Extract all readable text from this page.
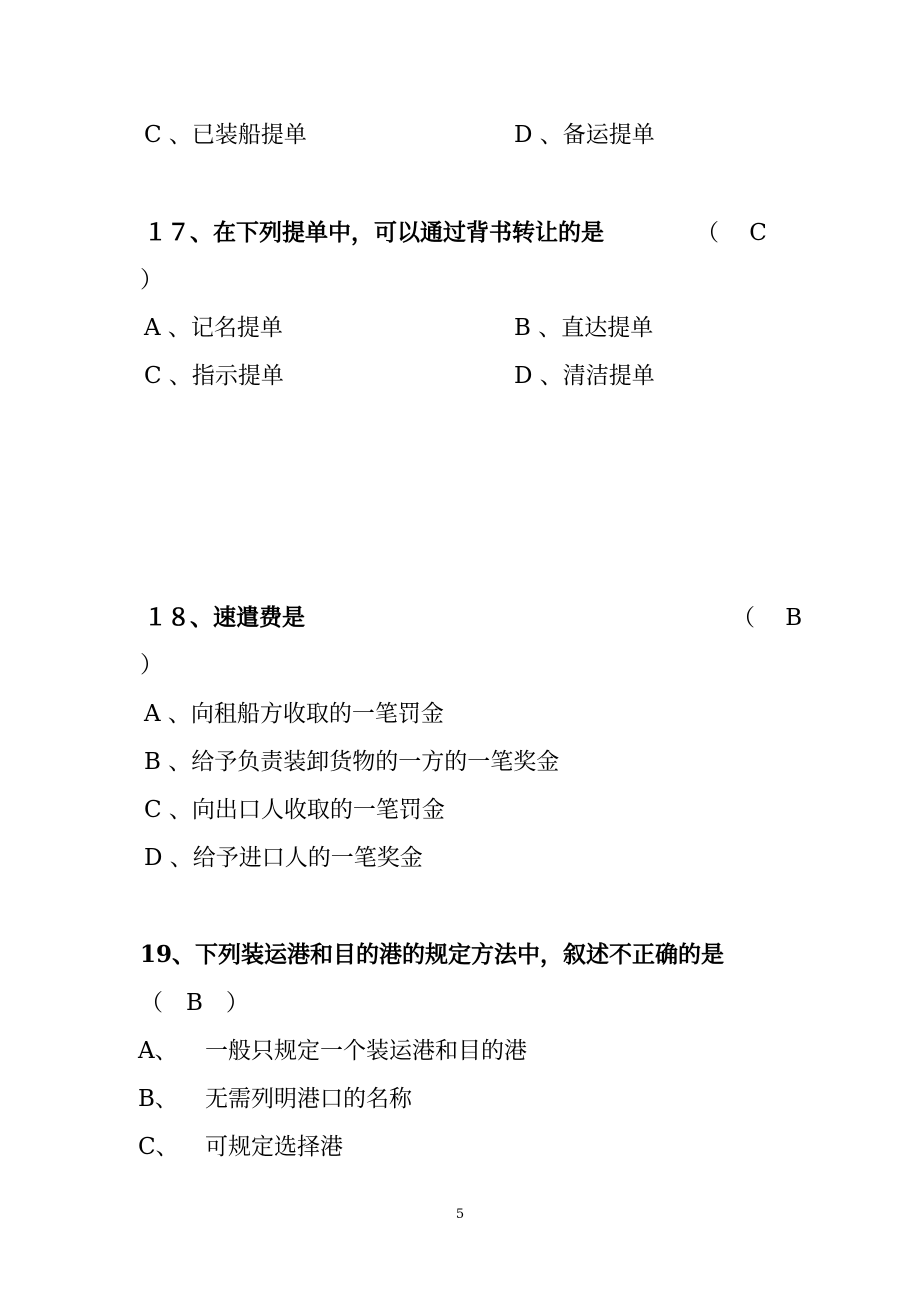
C 、已装船提单	D 、备运提单
１７、在下列提单中，可以通过背书转让的是	（　 C
）
A 、记名提单	B 、直达提单
C 、指示提单	D 、清洁提单
１８、速遣费是	（　 B
）
A 、向租船方收取的一笔罚金
B 、给予负责装卸货物的一方的一笔奖金
C 、向出口人收取的一笔罚金
D 、给予进口人的一笔奖金
19、下列装运港和目的港的规定方法中，叙述不正确的是
（　B　）
A、 一般只规定一个装运港和目的港
B、 无需列明港口的名称
C、 可规定选择港
5
